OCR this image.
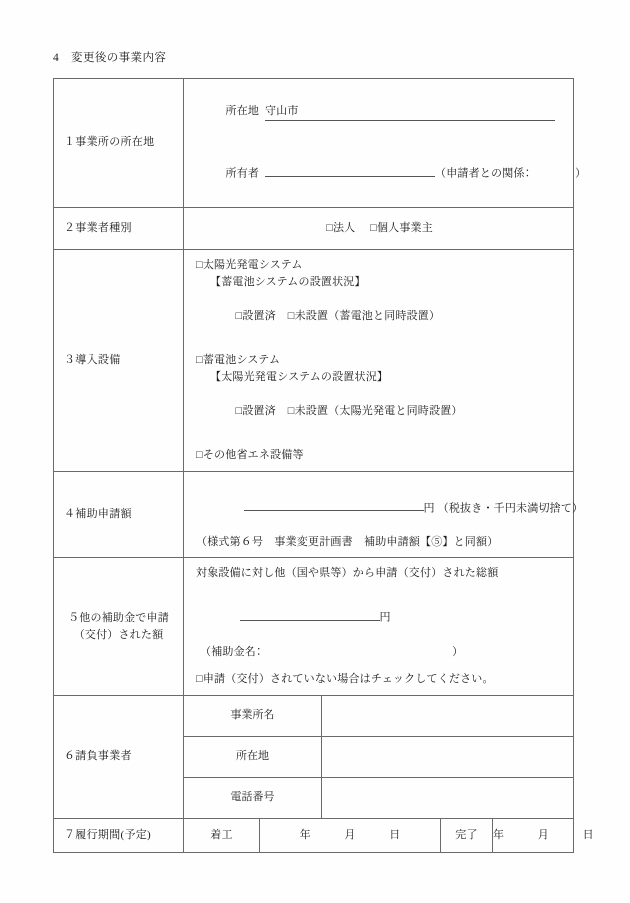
4　変更後の事業内容
１事業所の所在地	所在地 守山市

所有者 （申請者との関係：　　　　）				

２事業者種別	□法人 □個人事業主				

３導入設備	
□太陽光発電システム
【蓄電池システムの設置状況】

□設置済 □未設置（蓄電池と同時設置）

□蓄電池システム
【太陽光発電システムの設置状況】

□設置済 □未設置（太陽光発電と同時設置）

□その他省エネ設備等

４補助申請額	円 （税抜き・千円未満切捨て）

（様式第６号　事業変更計画書　補助申請額【⑤】と同額）				

５他の補助金で申請
（交付）された額

対象設備に対し他（国や県等）から申請（交付）された総額

円

（補助金名：　　　　　　　　　　　　　　　　　）
□申請（交付）されていない場合はチェックしてください。

６請負事業者	事業所名				
	所在地				
	電話番号				
７履行期間(予定)	着工	年　　　月　　　日		完了	年　　　月　　　日
